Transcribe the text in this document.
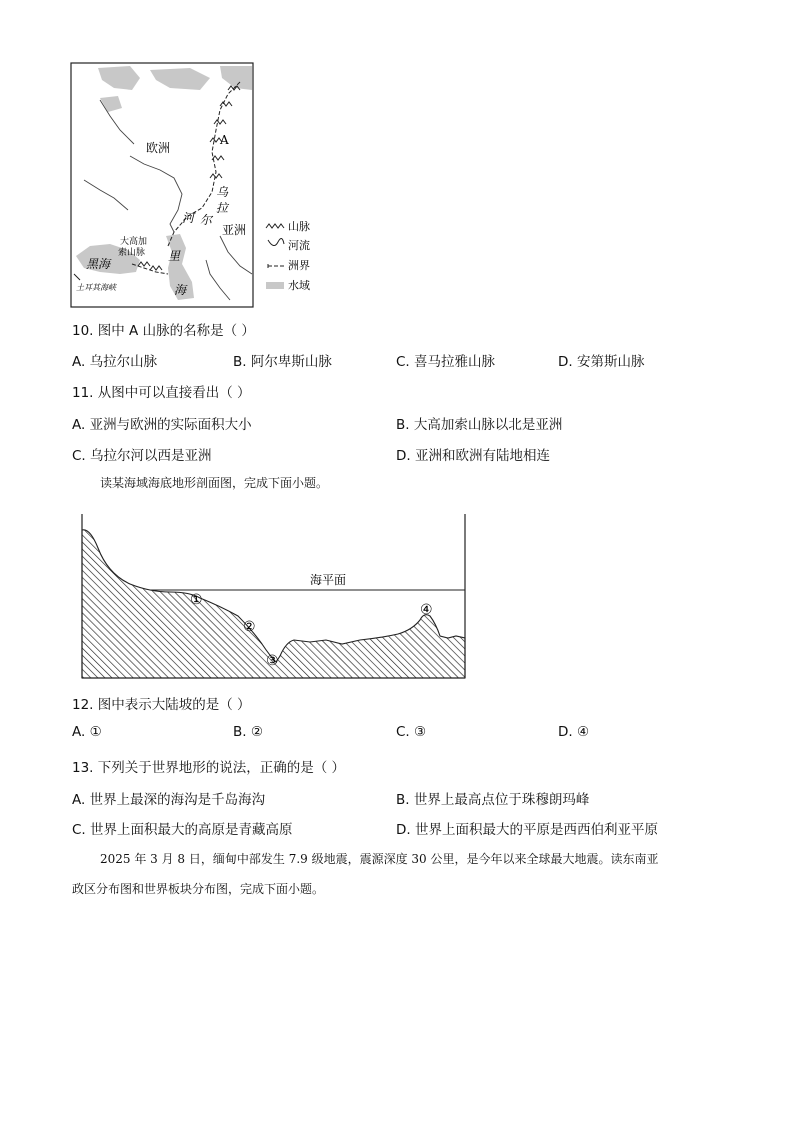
欧洲
亚洲
A
乌
拉
尔
河
大高加
索山脉
黑海
里
海
土耳其海峡
山脉
河流
洲界
水域
10. 图中 A 山脉的名称是（ ）
A. 乌拉尔山脉	B. 阿尔卑斯山脉	C. 喜马拉雅山脉	D. 安第斯山脉
11. 从图中可以直接看出（ ）
A. 亚洲与欧洲的实际面积大小	B. 大高加索山脉以北是亚洲
C. 乌拉尔河以西是亚洲	D. 亚洲和欧洲有陆地相连
读某海域海底地形剖面图，完成下面小题。
海平面
①
②
③
④
12. 图中表示大陆坡的是（ ）
A. ①	B. ②	C. ③	D. ④
13. 下列关于世界地形的说法，正确的是（ ）
A. 世界上最深的海沟是千岛海沟	B. 世界上最高点位于珠穆朗玛峰
C. 世界上面积最大的高原是青藏高原	D. 世界上面积最大的平原是西西伯利亚平原
2025 年 3 月 8 日，缅甸中部发生 7.9 级地震，震源深度 30 公里，是今年以来全球最大地震。读东南亚
政区分布图和世界板块分布图，完成下面小题。
